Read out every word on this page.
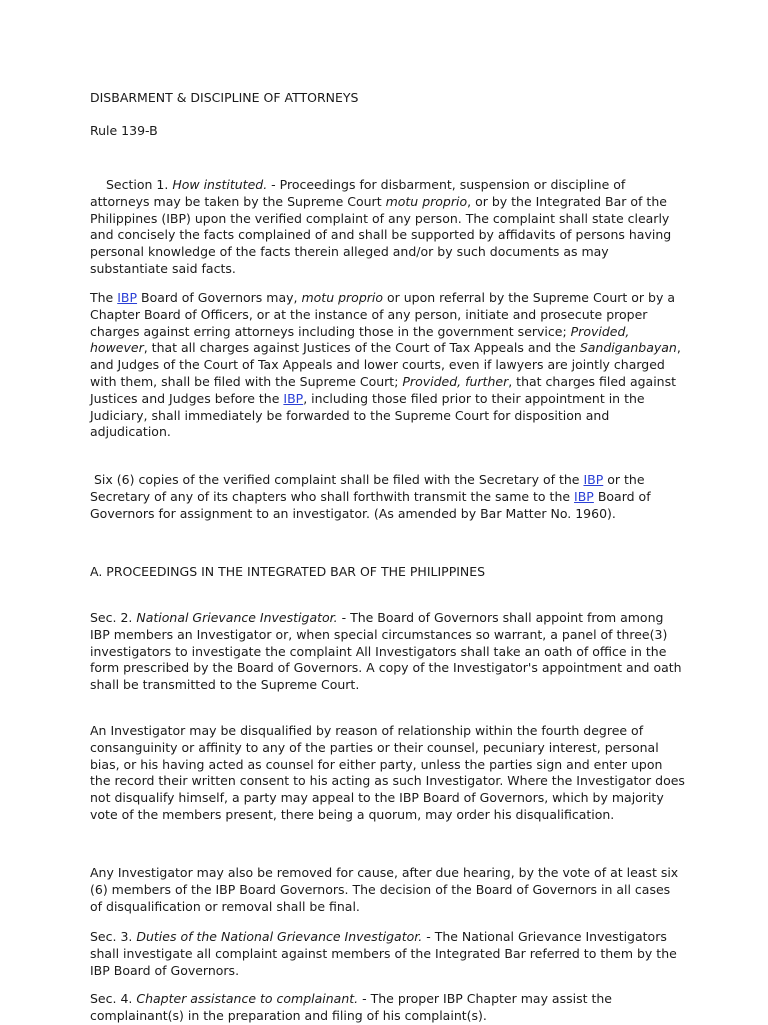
DISBARMENT & DISCIPLINE OF ATTORNEYS

Rule 139-B

Section 1. How instituted. - Proceedings for disbarment, suspension or discipline of attorneys may be taken by the Supreme Court motu proprio, or by the Integrated Bar of the Philippines (IBP) upon the verified complaint of any person. The complaint shall state clearly and concisely the facts complained of and shall be supported by affidavits of persons having personal knowledge of the facts therein alleged and/or by such documents as may substantiate said facts.

The IBP Board of Governors may, motu proprio or upon referral by the Supreme Court or by a Chapter Board of Officers, or at the instance of any person, initiate and prosecute proper charges against erring attorneys including those in the government service; Provided, however, that all charges against Justices of the Court of Tax Appeals and the Sandiganbayan, and Judges of the Court of Tax Appeals and lower courts, even if lawyers are jointly charged with them, shall be filed with the Supreme Court; Provided, further, that charges filed against Justices and Judges before the IBP, including those filed prior to their appointment in the Judiciary, shall immediately be forwarded to the Supreme Court for disposition and adjudication.

Six (6) copies of the verified complaint shall be filed with the Secretary of the IBP or the Secretary of any of its chapters who shall forthwith transmit the same to the IBP Board of Governors for assignment to an investigator. (As amended by Bar Matter No. 1960).

A. PROCEEDINGS IN THE INTEGRATED BAR OF THE PHILIPPINES

Sec. 2. National Grievance Investigator. - The Board of Governors shall appoint from among IBP members an Investigator or, when special circumstances so warrant, a panel of three(3) investigators to investigate the complaint All Investigators shall take an oath of office in the form prescribed by the Board of Governors. A copy of the Investigator's appointment and oath shall be transmitted to the Supreme Court.

An Investigator may be disqualified by reason of relationship within the fourth degree of consanguinity or affinity to any of the parties or their counsel, pecuniary interest, personal bias, or his having acted as counsel for either party, unless the parties sign and enter upon the record their written consent to his acting as such Investigator. Where the Investigator does not disqualify himself, a party may appeal to the IBP Board of Governors, which by majority vote of the members present, there being a quorum, may order his disqualification.

Any Investigator may also be removed for cause, after due hearing, by the vote of at least six (6) members of the IBP Board Governors. The decision of the Board of Governors in all cases of disqualification or removal shall be final.

Sec. 3. Duties of the National Grievance Investigator. - The National Grievance Investigators shall investigate all complaint against members of the Integrated Bar referred to them by the IBP Board of Governors.

Sec. 4. Chapter assistance to complainant. - The proper IBP Chapter may assist the complainant(s) in the preparation and filing of his complaint(s).
